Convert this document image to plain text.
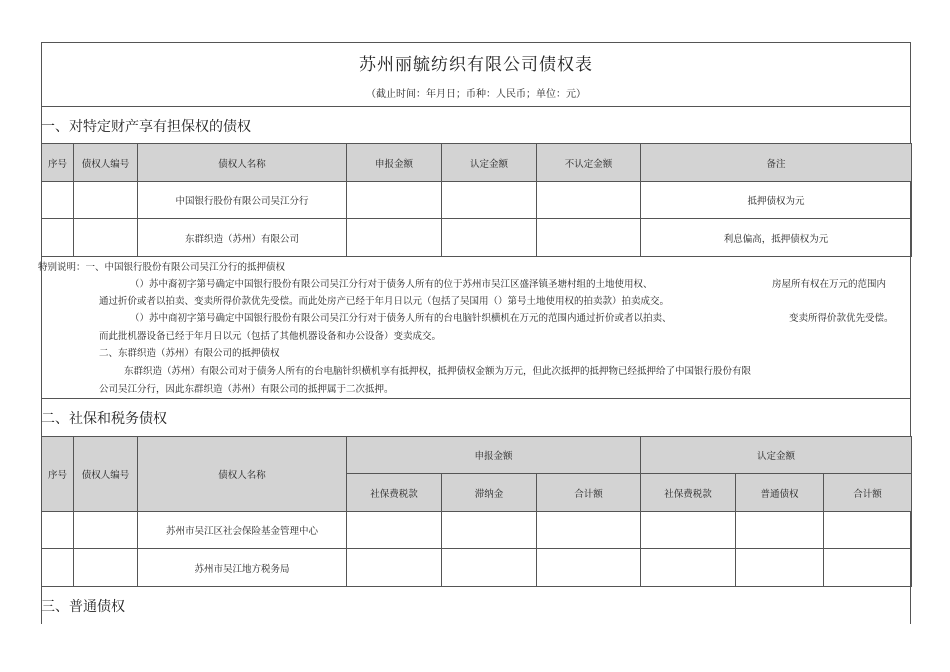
苏州丽毓纺织有限公司债权表
（截止时间：年月日；币种：人民币；单位：元）
一、对特定财产享有担保权的债权
序号	债权人编号	债权人名称	申报金额	认定金额	不认定金额	备注
		中国银行股份有限公司吴江分行				抵押债权为元
		东群织造（苏州）有限公司				利息偏高，抵押债权为元
特别说明：一、中国银行股份有限公司吴江分行的抵押债权
（）苏中裔初字第号确定中国银行股份有限公司吴江分行对于债务人所有的位于苏州市吴江区盛泽镇圣塘村组的土地使用权、	房屋所有权在万元的范围内
通过折价或者以拍卖、变卖所得价款优先受偿。而此处房产已经于年月日以元（包括了吴国用（）第号土地使用权的拍卖款）拍卖成交。
（）苏中商初字第号确定中国银行股份有限公司吴江分行对于债务人所有的台电脑针织横机在万元的范围内通过折价或者以拍卖、	变卖所得价款优先受偿。
而此批机器设备已经于年月日以元（包括了其他机器设备和办公设备）变卖成交。
二、东群织造（苏州）有限公司的抵押债权
东群织造（苏州）有限公司对于债务人所有的台电脑针织横机享有抵押权，抵押债权金额为万元，但此次抵押的抵押物已经抵押给了中国银行股份有限
公司吴江分行，因此东群织造（苏州）有限公司的抵押属于二次抵押。
二、社保和税务债权
序号	债权人编号	债权人名称	申报金额			认定金额		
			社保费税款	滞纳金	合计额	社保费税款	普通债权	合计额
		苏州市吴江区社会保险基金管理中心						
		苏州市吴江地方税务局						
三、普通债权
